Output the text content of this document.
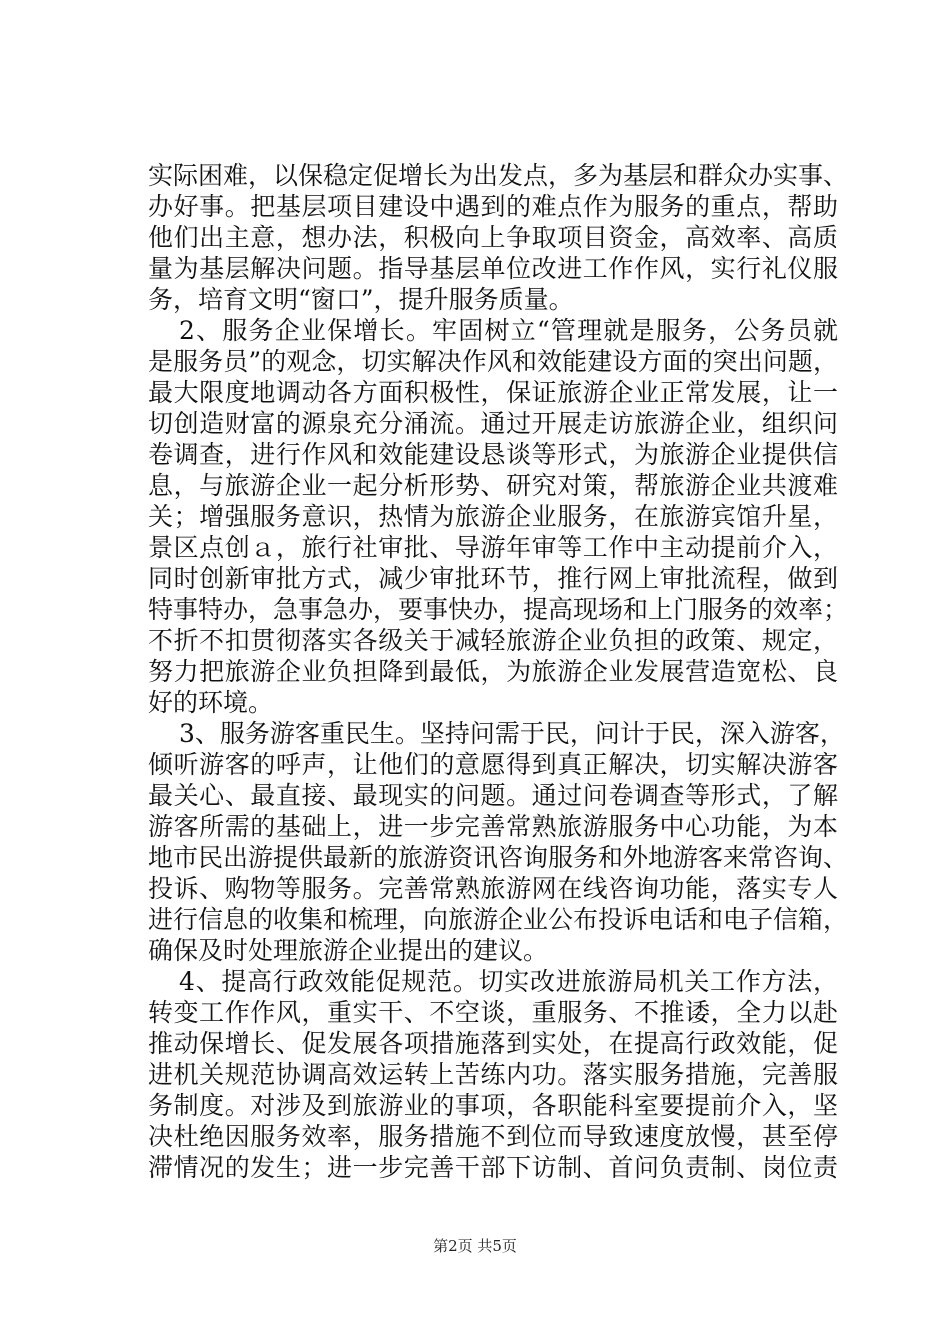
实际困难，以保稳定促增长为出发点，多为基层和群众办实事、
办好事。把基层项目建设中遇到的难点作为服务的重点，帮助
他们出主意，想办法，积极向上争取项目资金，高效率、高质
量为基层解决问题。指导基层单位改进工作作风，实行礼仪服
务，培育文明“窗口”，提升服务质量。
2、服务企业保增长。牢固树立“管理就是服务，公务员就
是服务员”的观念，切实解决作风和效能建设方面的突出问题，
最大限度地调动各方面积极性，保证旅游企业正常发展，让一
切创造财富的源泉充分涌流。通过开展走访旅游企业，组织问
卷调查，进行作风和效能建设恳谈等形式，为旅游企业提供信
息，与旅游企业一起分析形势、研究对策，帮旅游企业共渡难
关；增强服务意识，热情为旅游企业服务，在旅游宾馆升星，
景区点创ａ，旅行社审批、导游年审等工作中主动提前介入，
同时创新审批方式，减少审批环节，推行网上审批流程，做到
特事特办，急事急办，要事快办，提高现场和上门服务的效率；
不折不扣贯彻落实各级关于减轻旅游企业负担的政策、规定，
努力把旅游企业负担降到最低，为旅游企业发展营造宽松、良
好的环境。
3、服务游客重民生。坚持问需于民，问计于民，深入游客，
倾听游客的呼声，让他们的意愿得到真正解决，切实解决游客
最关心、最直接、最现实的问题。通过问卷调查等形式，了解
游客所需的基础上，进一步完善常熟旅游服务中心功能，为本
地市民出游提供最新的旅游资讯咨询服务和外地游客来常咨询、
投诉、购物等服务。完善常熟旅游网在线咨询功能，落实专人
进行信息的收集和梳理，向旅游企业公布投诉电话和电子信箱，
确保及时处理旅游企业提出的建议。
4、提高行政效能促规范。切实改进旅游局机关工作方法，
转变工作作风，重实干、不空谈，重服务、不推诿，全力以赴
推动保增长、促发展各项措施落到实处，在提高行政效能，促
进机关规范协调高效运转上苦练内功。落实服务措施，完善服
务制度。对涉及到旅游业的事项，各职能科室要提前介入，坚
决杜绝因服务效率，服务措施不到位而导致速度放慢，甚至停
滞情况的发生；进一步完善干部下访制、首问负责制、岗位责
第2页 共5页
